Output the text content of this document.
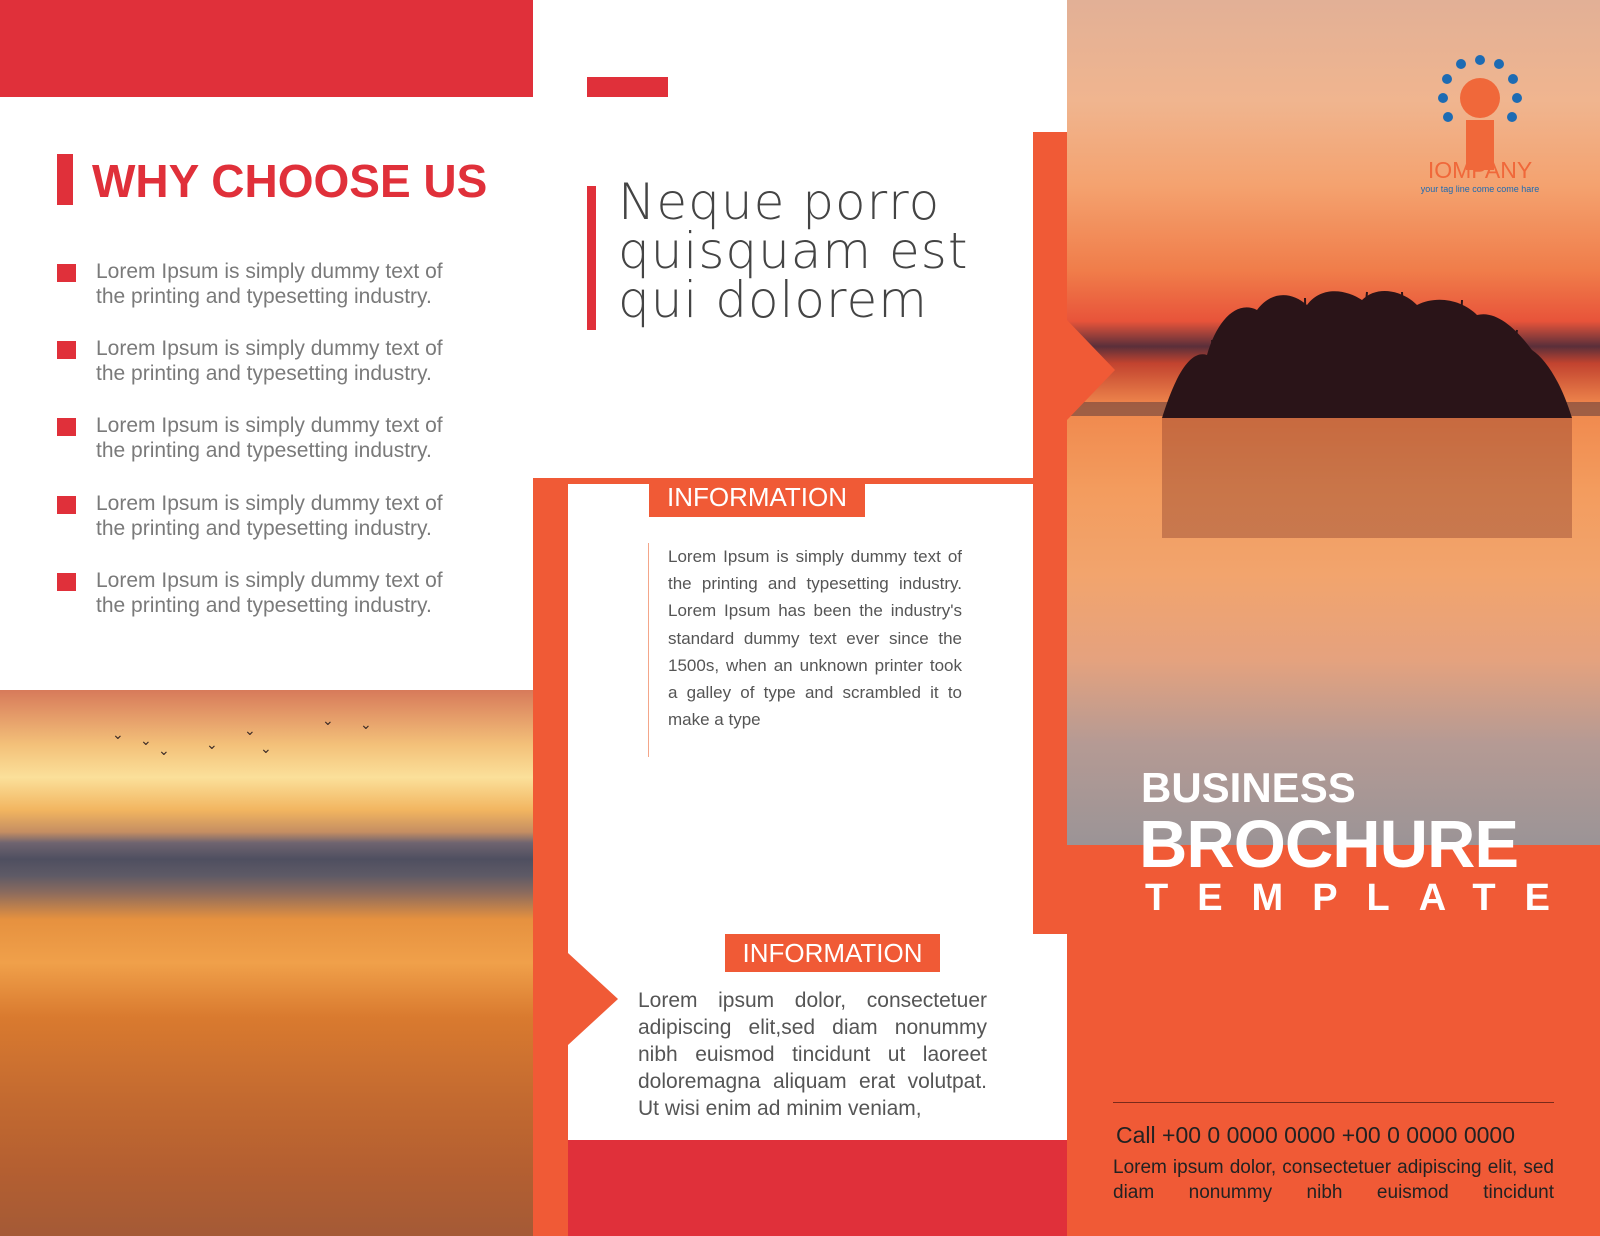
WHY CHOOSE US
Lorem Ipsum is simply dummy text of the printing and typesetting industry.
Lorem Ipsum is simply dummy text of the printing and typesetting industry.
Lorem Ipsum is simply dummy text of the printing and typesetting industry.
Lorem Ipsum is simply dummy text of the printing and typesetting industry.
Lorem Ipsum is simply dummy text of the printing and typesetting industry.
⌄ ⌄
⌄	⌄
⌄
⌄
⌄ ⌄
Neque porro quisquam est qui dolorem
INFORMATION
Lorem Ipsum is simply dummy text of the printing and typesetting industry. Lorem Ipsum has been the industry's standard dummy text ever since the 1500s, when an unknown printer took a galley of type and scrambled it to make a type
INFORMATION
Lorem ipsum dolor, consectetuer adipiscing elit,sed diam nonummy nibh euismod tincidunt ut laoreet doloremagna aliquam erat volutpat. Ut wisi enim ad minim veniam,
IOMPANY
your tag line come come hare
BUSINESS
BROCHURE
TEMPLATE
Call +00 0 0000 0000 +00 0 0000 0000
Lorem ipsum dolor, consectetuer adipiscing elit, sed diam nonummy nibh euismod tincidunt
